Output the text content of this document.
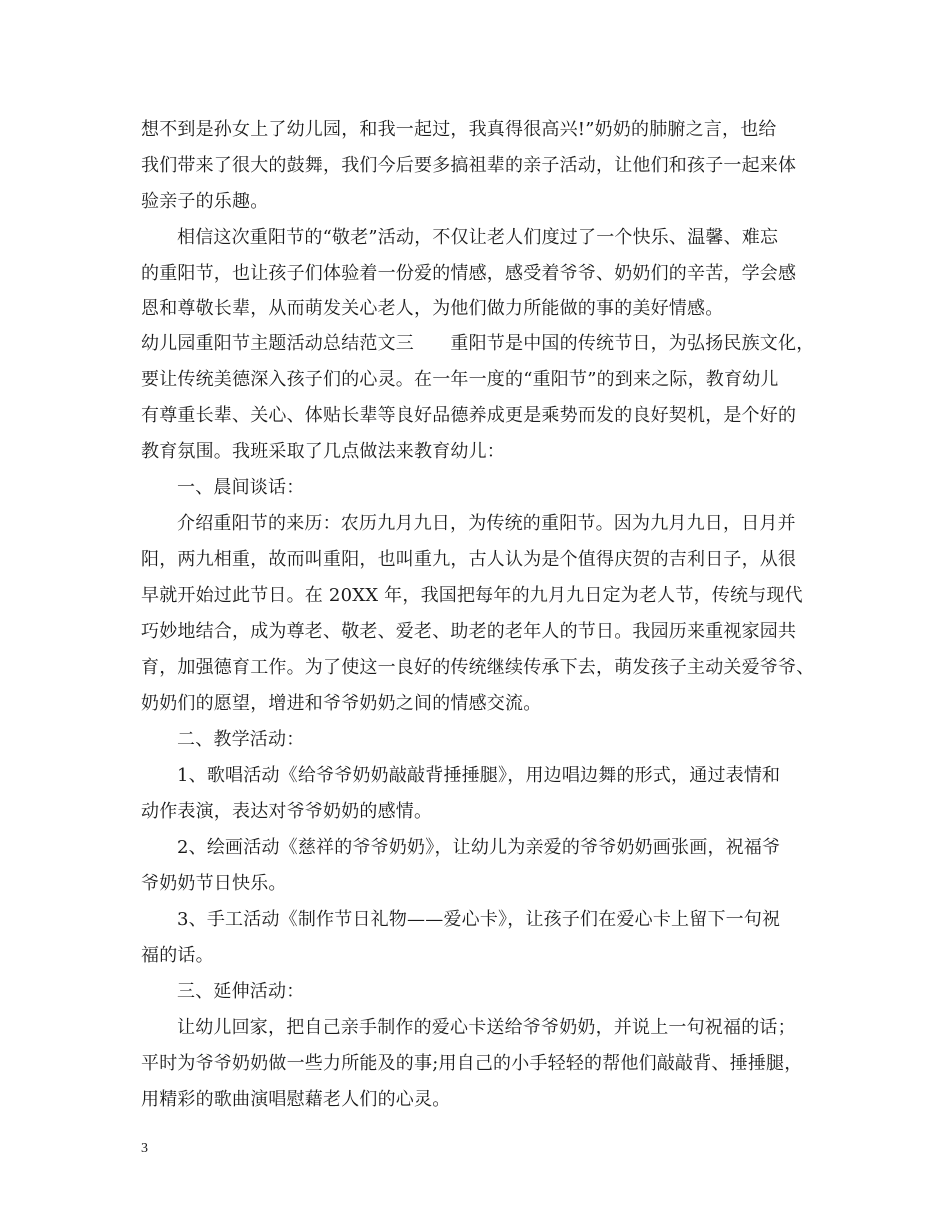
想不到是孙女上了幼儿园，和我一起过，我真得很高兴!”奶奶的肺腑之言，也给
我们带来了很大的鼓舞，我们今后要多搞祖辈的亲子活动，让他们和孩子一起来体
验亲子的乐趣。
相信这次重阳节的“敬老”活动，不仅让老人们度过了一个快乐、温馨、难忘
的重阳节，也让孩子们体验着一份爱的情感，感受着爷爷、奶奶们的辛苦，学会感
恩和尊敬长辈，从而萌发关心老人，为他们做力所能做的事的美好情感。
幼儿园重阳节主题活动总结范文三　　重阳节是中国的传统节日，为弘扬民族文化，
要让传统美德深入孩子们的心灵。在一年一度的“重阳节”的到来之际，教育幼儿
有尊重长辈、关心、体贴长辈等良好品德养成更是乘势而发的良好契机，是个好的
教育氛围。我班采取了几点做法来教育幼儿：
一、晨间谈话：
介绍重阳节的来历：农历九月九日，为传统的重阳节。因为九月九日，日月并
阳，两九相重，故而叫重阳，也叫重九，古人认为是个值得庆贺的吉利日子，从很
早就开始过此节日。在 20XX 年，我国把每年的九月九日定为老人节，传统与现代
巧妙地结合，成为尊老、敬老、爱老、助老的老年人的节日。我园历来重视家园共
育，加强德育工作。为了使这一良好的传统继续传承下去，萌发孩子主动关爱爷爷、
奶奶们的愿望，增进和爷爷奶奶之间的情感交流。
二、教学活动：
1、歌唱活动《给爷爷奶奶敲敲背捶捶腿》，用边唱边舞的形式，通过表情和
动作表演，表达对爷爷奶奶的感情。
2、绘画活动《慈祥的爷爷奶奶》，让幼儿为亲爱的爷爷奶奶画张画，祝福爷
爷奶奶节日快乐。
3、手工活动《制作节日礼物——爱心卡》，让孩子们在爱心卡上留下一句祝
福的话。
三、延伸活动：
让幼儿回家，把自己亲手制作的爱心卡送给爷爷奶奶，并说上一句祝福的话；
平时为爷爷奶奶做一些力所能及的事;用自己的小手轻轻的帮他们敲敲背、捶捶腿，
用精彩的歌曲演唱慰藉老人们的心灵。
3
